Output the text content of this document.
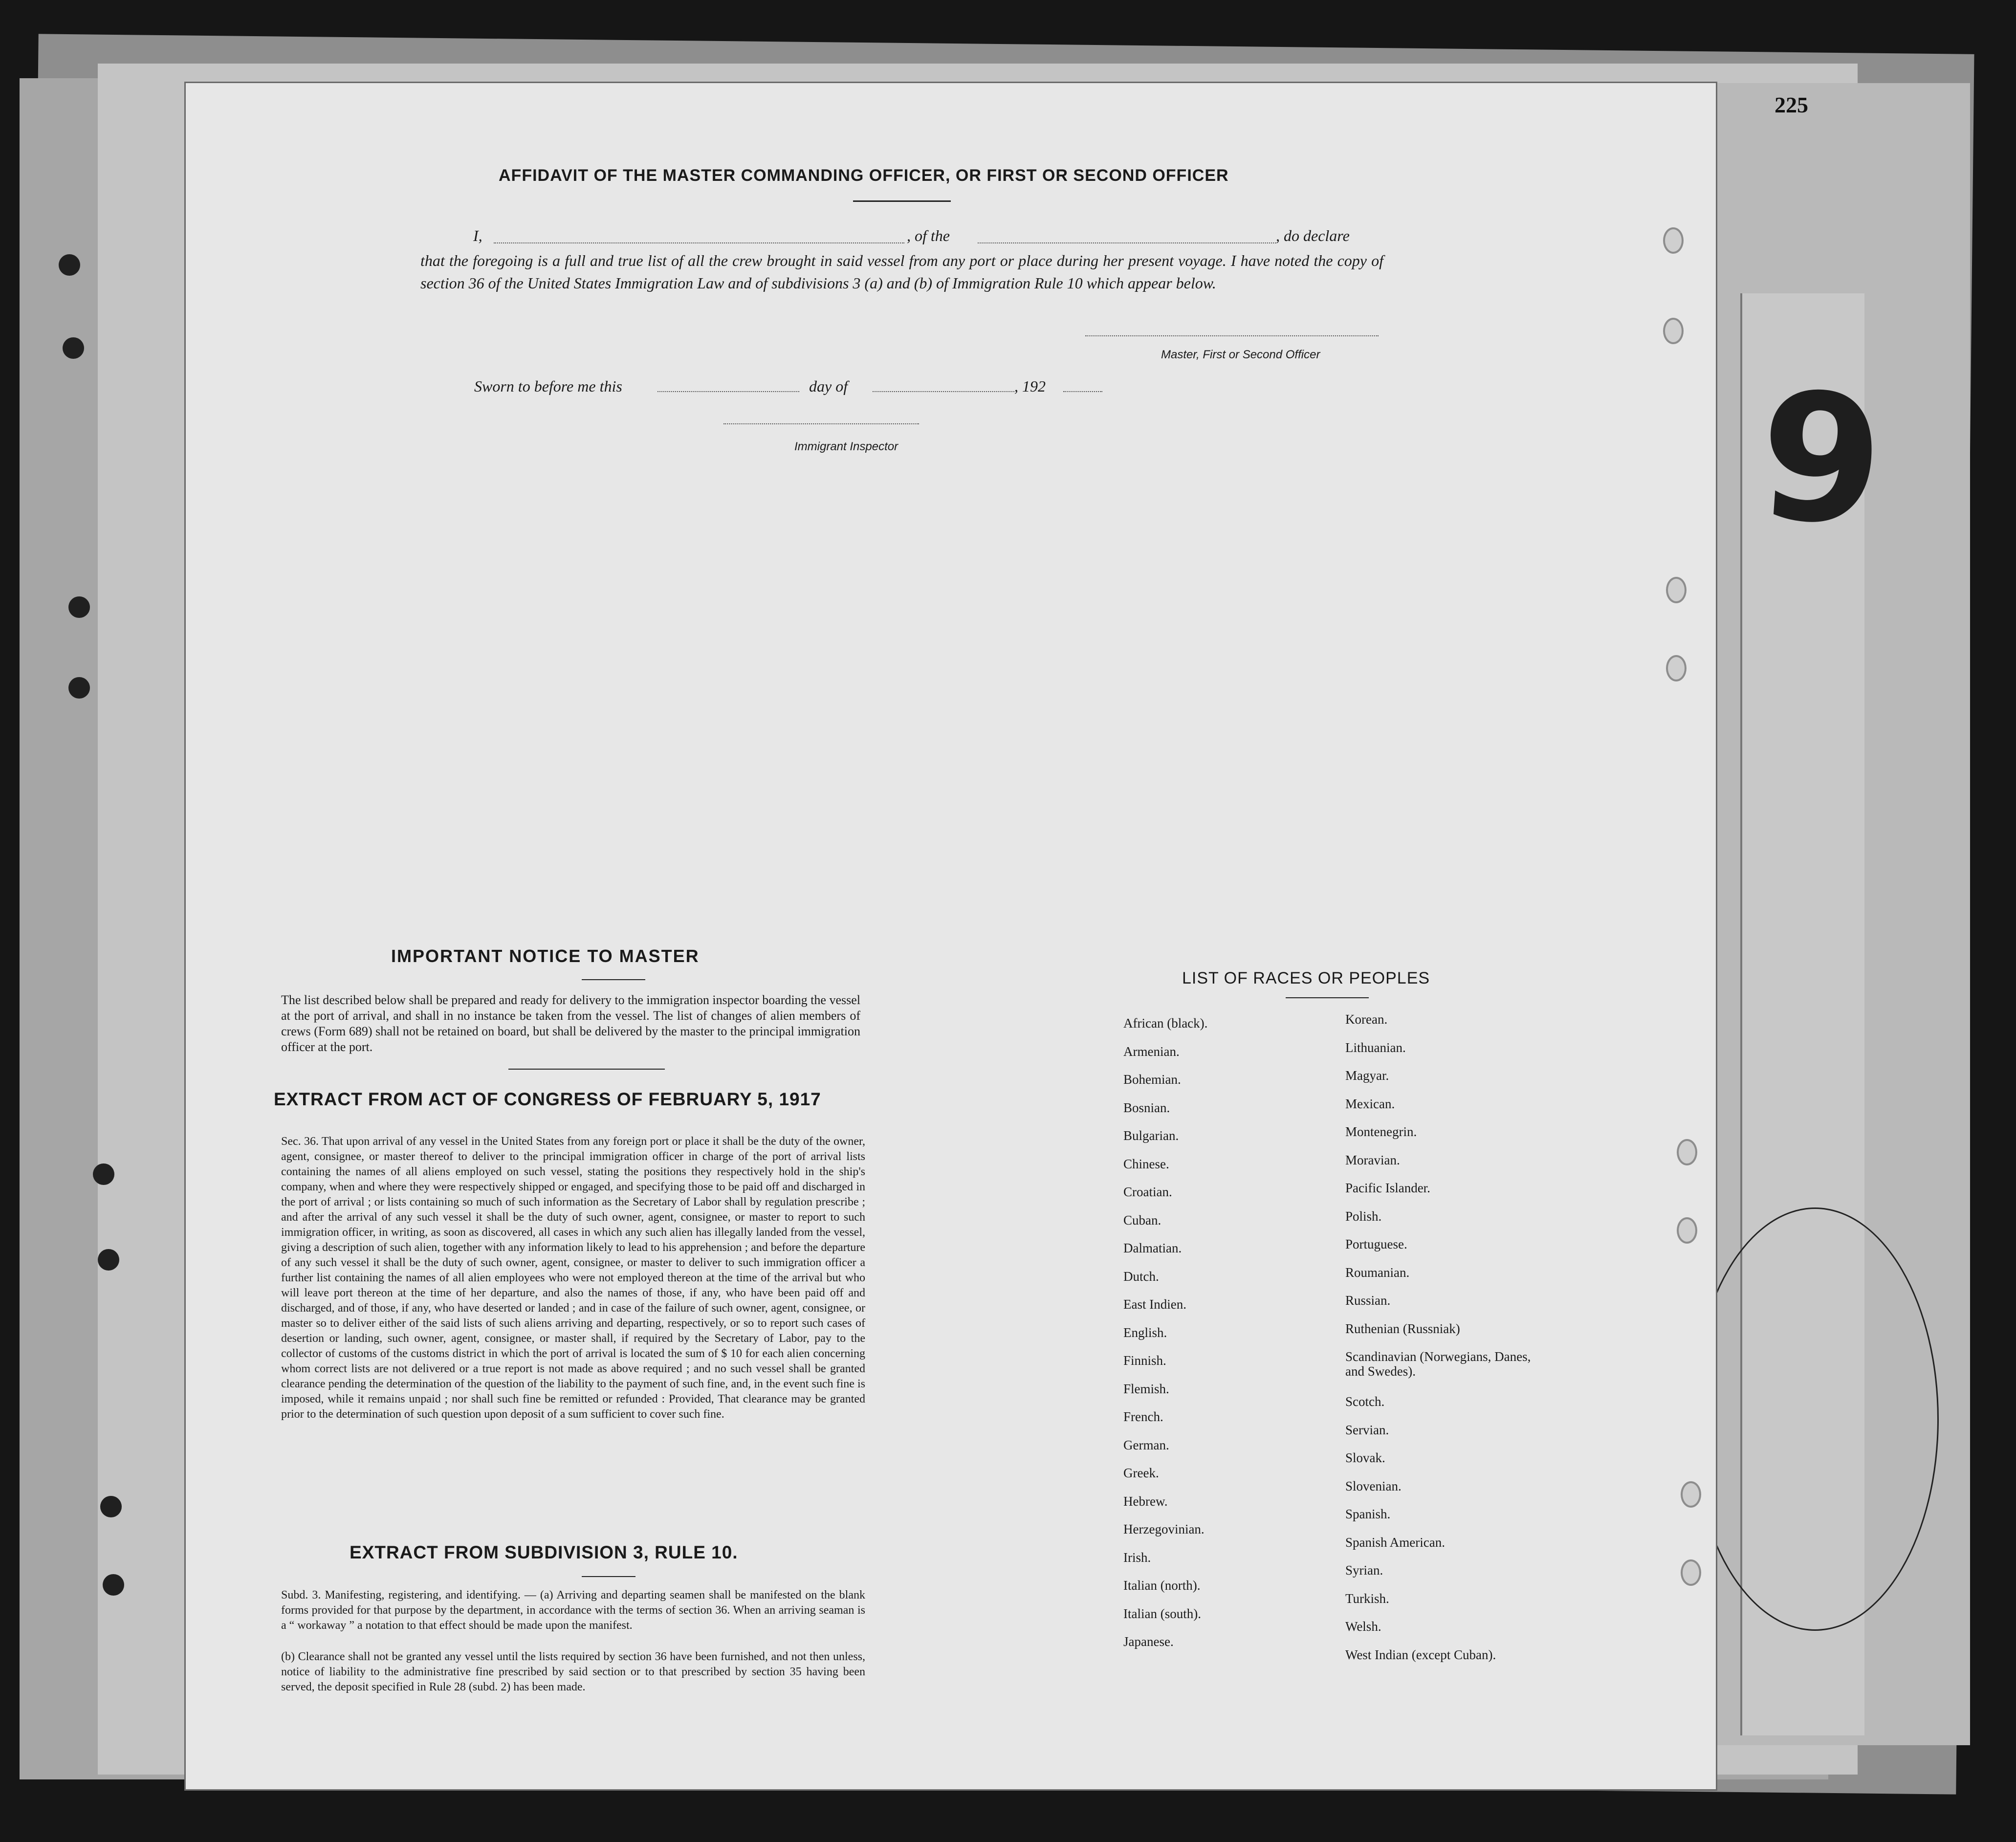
225
9
AFFIDAVIT OF THE MASTER COMMANDING OFFICER, OR FIRST OR SECOND OFFICER
I,	, of the	, do declare
that the foregoing is a full and true list of all the crew brought in said vessel from any port or place during her present voyage. I have noted the copy of section 36 of the United States Immigration Law and of subdivisions 3 (a) and (b) of Immigration Rule 10 which appear below.
Master, First or Second Officer
Sworn to before me this	day of	, 192
Immigrant Inspector
IMPORTANT NOTICE TO MASTER
The list described below shall be prepared and ready for delivery to the immigration inspector boarding the vessel at the port of arrival, and shall in no instance be taken from the vessel. The list of changes of alien members of crews (Form 689) shall not be retained on board, but shall be delivered by the master to the principal immigration officer at the port.
EXTRACT FROM ACT OF CONGRESS OF FEBRUARY 5, 1917
Sec. 36. That upon arrival of any vessel in the United States from any foreign port or place it shall be the duty of the owner, agent, consignee, or master thereof to deliver to the principal immigration officer in charge of the port of arrival lists containing the names of all aliens employed on such vessel, stating the positions they respectively hold in the ship's company, when and where they were respectively shipped or engaged, and specifying those to be paid off and discharged in the port of arrival ; or lists containing so much of such information as the Secretary of Labor shall by regulation prescribe ; and after the arrival of any such vessel it shall be the duty of such owner, agent, consignee, or master to report to such immigration officer, in writing, as soon as discovered, all cases in which any such alien has illegally landed from the vessel, giving a description of such alien, together with any information likely to lead to his apprehension ; and before the departure of any such vessel it shall be the duty of such owner, agent, consignee, or master to deliver to such immigration officer a further list containing the names of all alien employees who were not employed thereon at the time of the arrival but who will leave port thereon at the time of her departure, and also the names of those, if any, who have been paid off and discharged, and of those, if any, who have deserted or landed ; and in case of the failure of such owner, agent, consignee, or master so to deliver either of the said lists of such aliens arriving and departing, respectively, or so to report such cases of desertion or landing, such owner, agent, consignee, or master shall, if required by the Secretary of Labor, pay to the collector of customs of the customs district in which the port of arrival is located the sum of $ 10 for each alien concerning whom correct lists are not delivered or a true report is not made as above required ; and no such vessel shall be granted clearance pending the determination of the question of the liability to the payment of such fine, and, in the event such fine is imposed, while it remains unpaid ; nor shall such fine be remitted or refunded : Provided, That clearance may be granted prior to the determination of such question upon deposit of a sum sufficient to cover such fine.
EXTRACT FROM SUBDIVISION 3, RULE 10.
Subd. 3. Manifesting, registering, and identifying. — (a) Arriving and departing seamen shall be manifested on the blank forms provided for that purpose by the department, in accordance with the terms of section 36. When an arriving seaman is a “ workaway ” a notation to that effect should be made upon the manifest.
(b) Clearance shall not be granted any vessel until the lists required by section 36 have been furnished, and not then unless, notice of liability to the administrative fine prescribed by said section or to that prescribed by section 35 having been served, the deposit specified in Rule 28 (subd. 2) has been made.
LIST OF RACES OR PEOPLES
African (black).
Armenian.
Bohemian.
Bosnian.
Bulgarian.
Chinese.
Croatian.
Cuban.
Dalmatian.
Dutch.
East Indien.
English.
Finnish.
Flemish.
French.
German.
Greek.
Hebrew.
Herzegovinian.
Irish.
Italian (north).
Italian (south).
Japanese.
Korean.
Lithuanian.
Magyar.
Mexican.
Montenegrin.
Moravian.
Pacific Islander.
Polish.
Portuguese.
Roumanian.
Russian.
Ruthenian (Russniak)
Scandinavian (Norwegians, Danes, and Swedes).
Scotch.
Servian.
Slovak.
Slovenian.
Spanish.
Spanish American.
Syrian.
Turkish.
Welsh.
West Indian (except Cuban).
